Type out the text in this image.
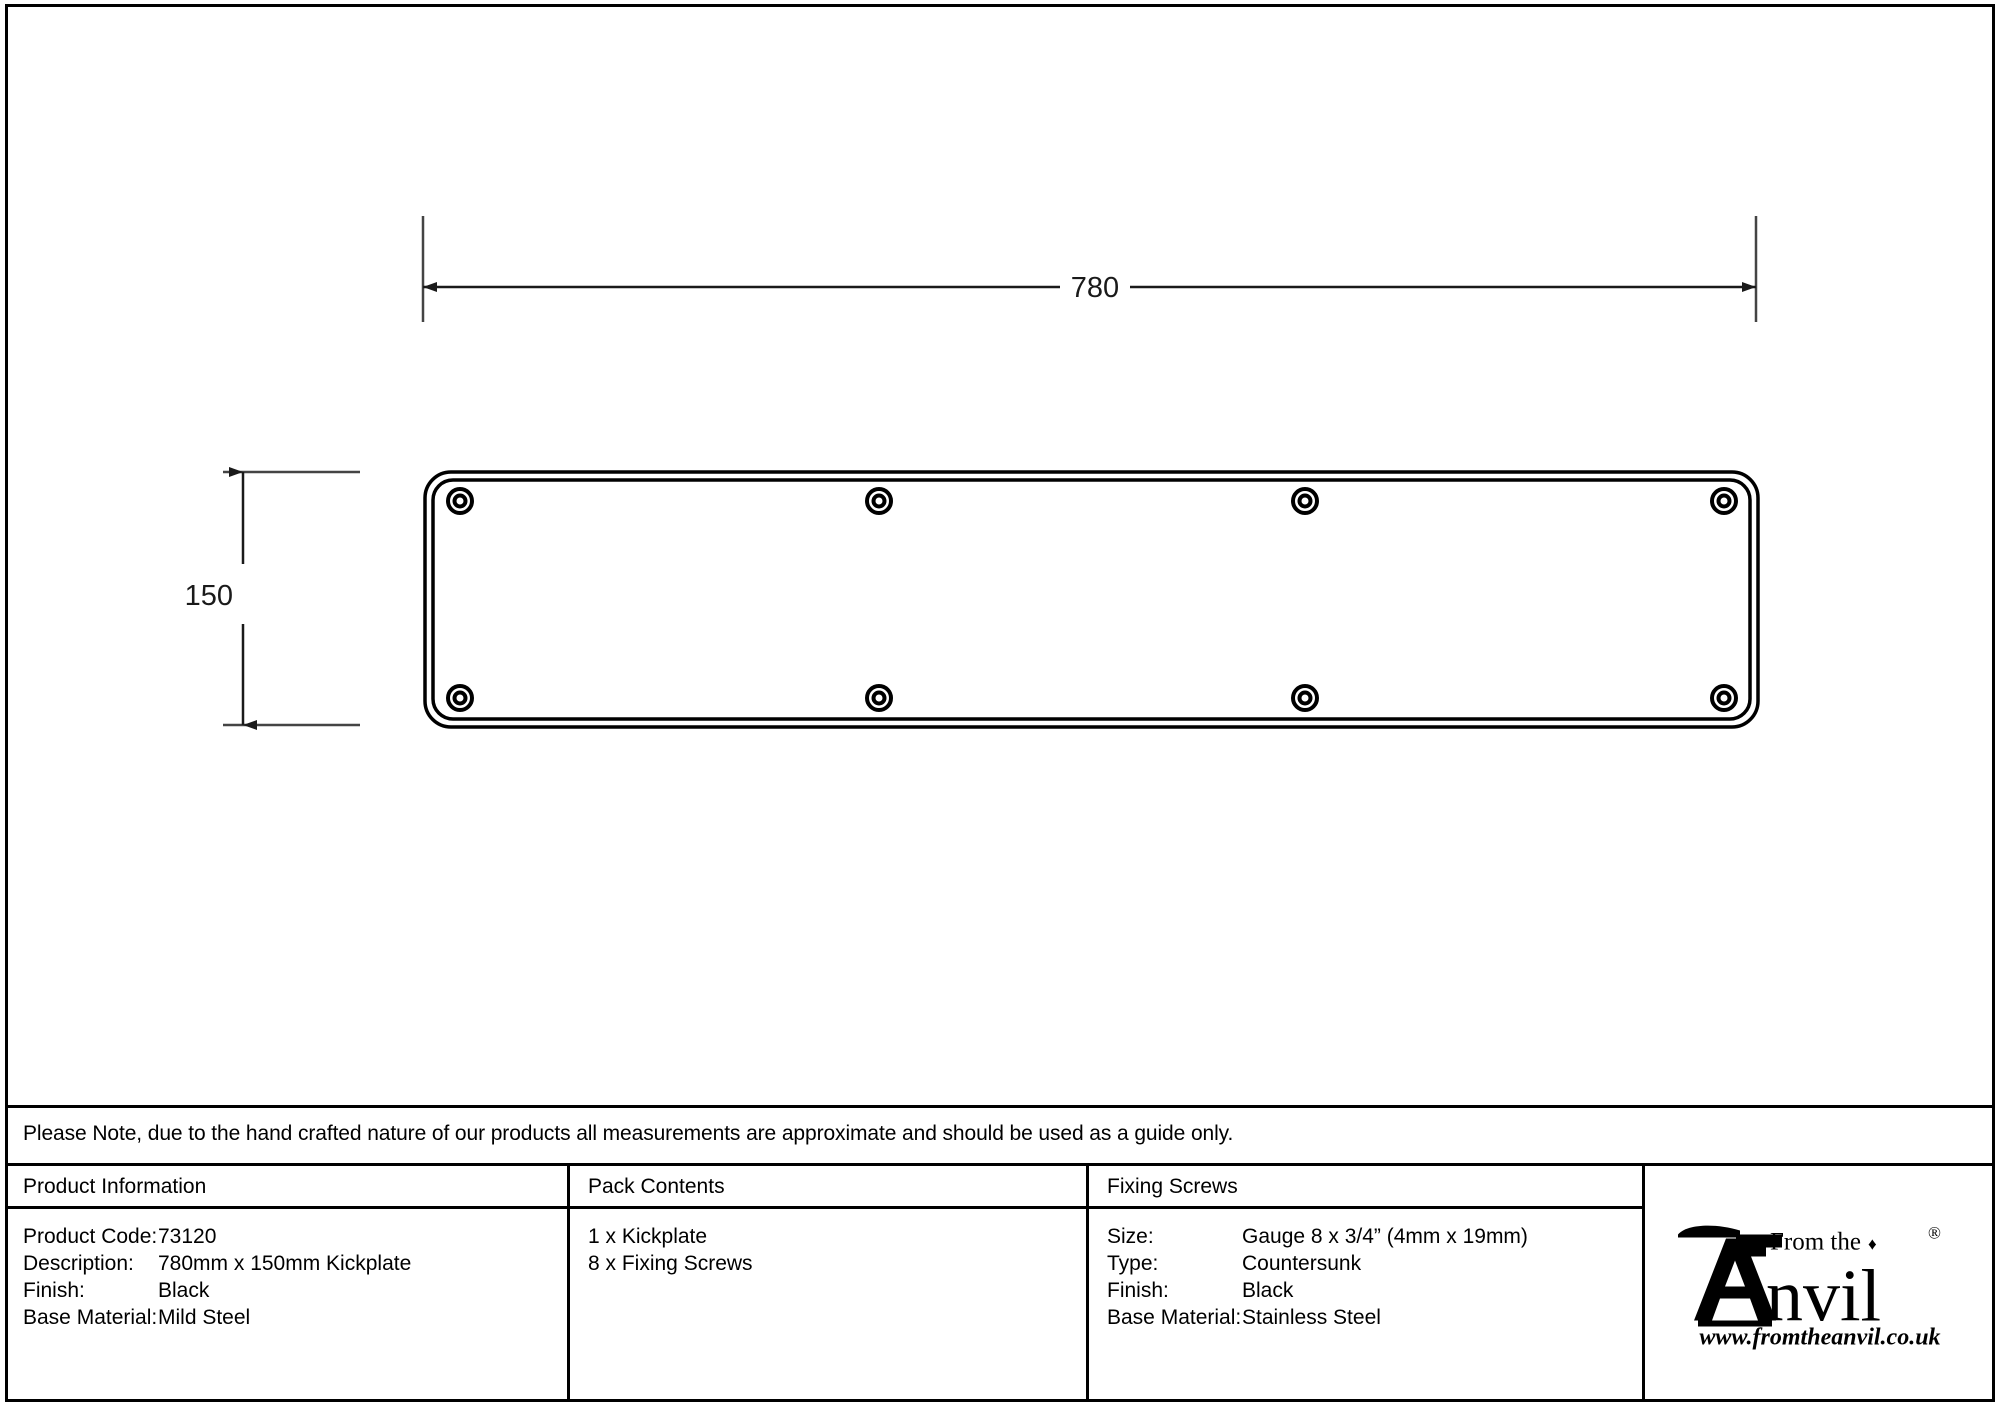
780
150
Please Note, due to the hand crafted nature of our products all measurements are approximate and should be used as a guide only.
Product Information
Product Code: 73120
Description:	780mm x 150mm Kickplate
Finish:	Black
Base Material: Mild Steel
Pack Contents
1 x Kickplate
8 x Fixing Screws
Fixing Screws
Size:	Gauge 8 x 3/4” (4mm x 19mm)
Type:	Countersunk
Finish:	Black
Base Material: Stainless Steel
From the ♦
nvil
®
www.fromtheanvil.co.uk
